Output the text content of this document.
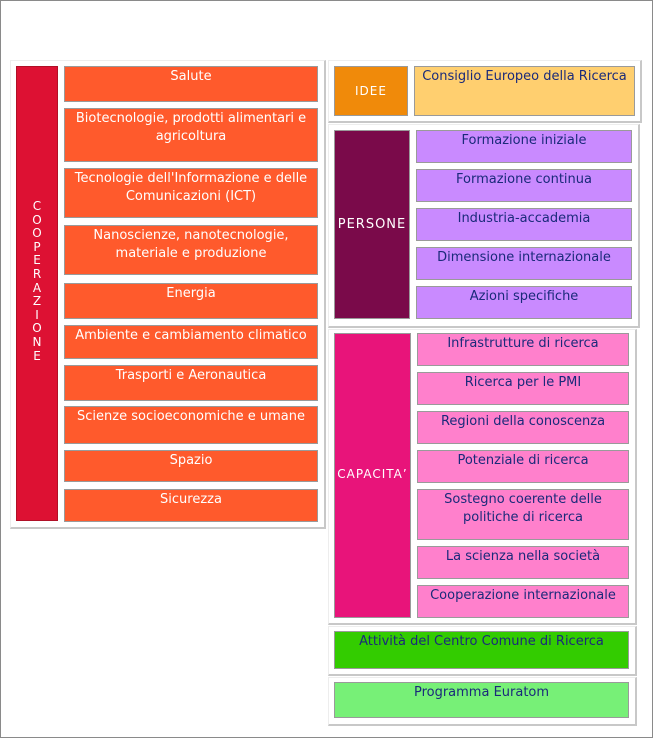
C
O
O
P
E
R
A
Z
I
O
N
E
Salute
Biotecnologie, prodotti alimentari e agricoltura
Tecnologie dell'Informazione e delle Comunicazioni (ICT)
Nanoscienze, nanotecnologie, materiale e produzione
Energia
Ambiente e cambiamento climatico
Trasporti e Aeronautica
Scienze socioeconomiche e umane
Spazio
Sicurezza
IDEE
Consiglio Europeo della Ricerca
PERSONE
Formazione iniziale
Formazione continua
Industria-accademia
Dimensione internazionale
Azioni specifiche
CAPACITA’
Infrastrutture di ricerca
Ricerca per le PMI
Regioni della conoscenza
Potenziale di ricerca
Sostegno coerente delle politiche di ricerca
La scienza nella società
Cooperazione internazionale
Attività del Centro Comune di Ricerca
Programma Euratom
